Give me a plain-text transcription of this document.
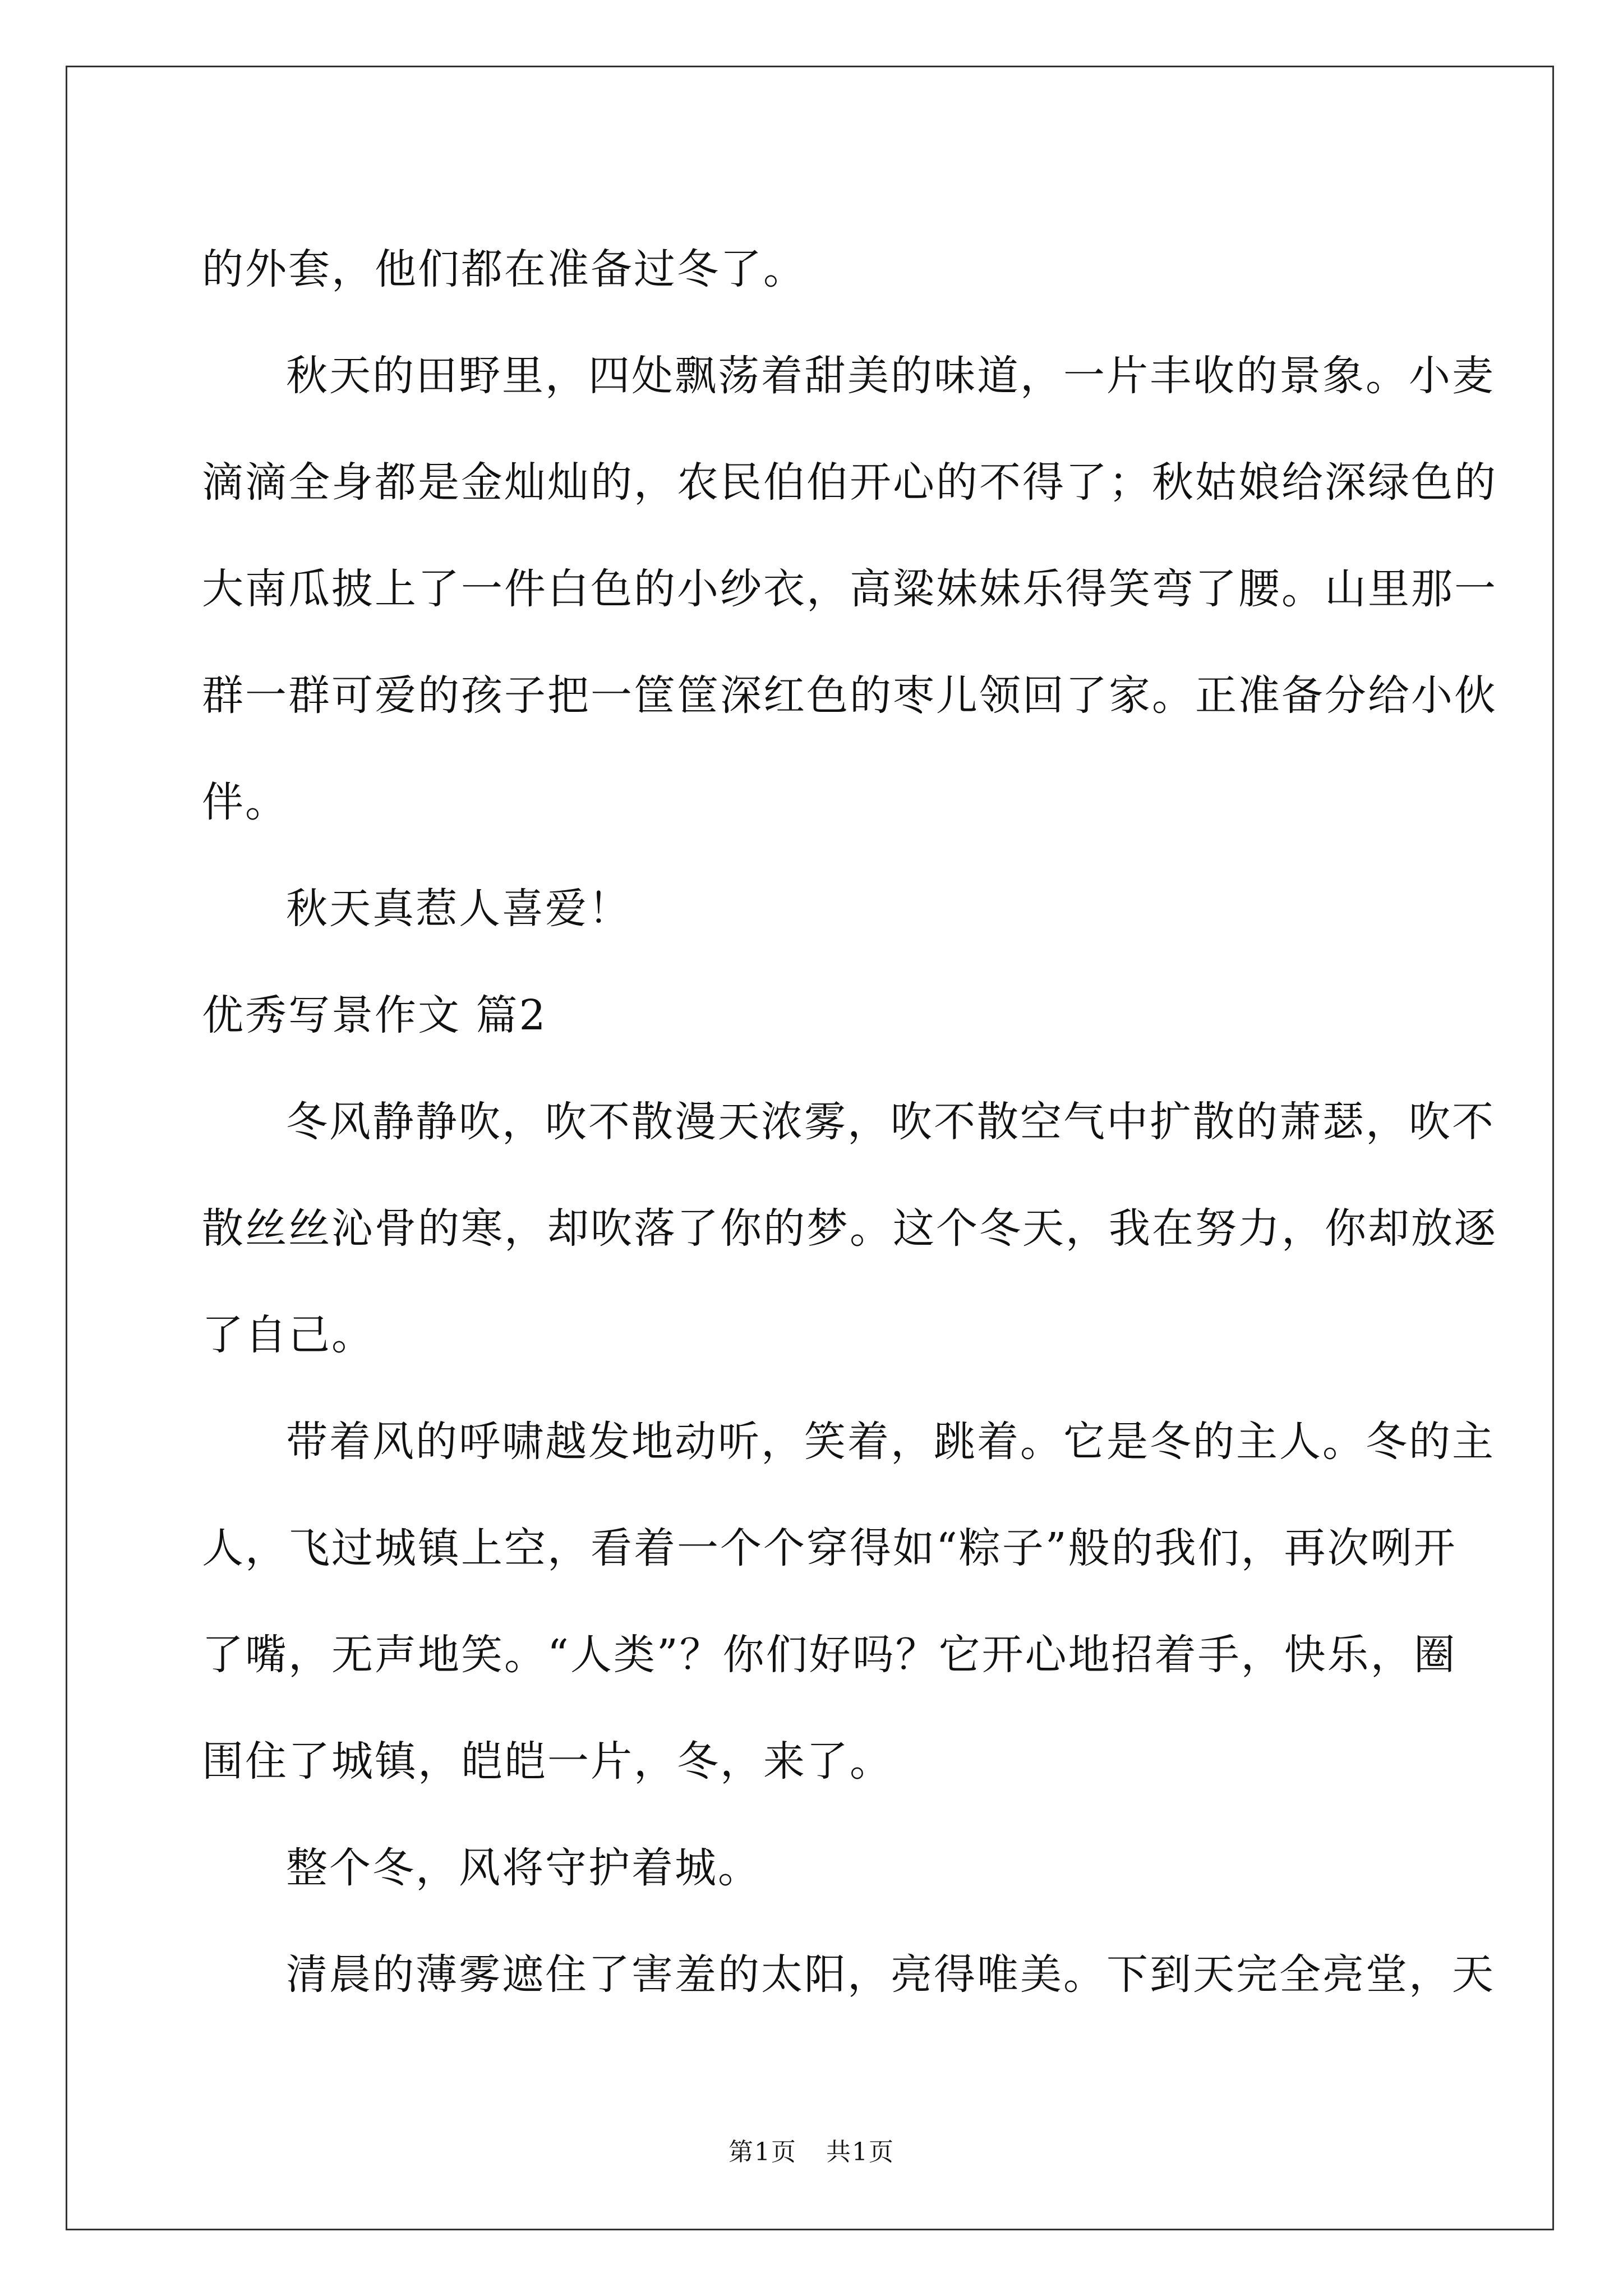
的外套，他们都在准备过冬了。
秋天的田野里，四处飘荡着甜美的味道，一片丰收的景象。小麦
滴滴全身都是金灿灿的，农民伯伯开心的不得了；秋姑娘给深绿色的
大南瓜披上了一件白色的小纱衣，高粱妹妹乐得笑弯了腰。山里那一
群一群可爱的孩子把一筐筐深红色的枣儿领回了家。正准备分给小伙
伴。
秋天真惹人喜爱！
优秀写景作文 篇2
冬风静静吹，吹不散漫天浓雾，吹不散空气中扩散的萧瑟，吹不
散丝丝沁骨的寒，却吹落了你的梦。这个冬天，我在努力，你却放逐
了自己。
带着风的呼啸越发地动听，笑着，跳着。它是冬的主人。冬的主
人，飞过城镇上空，看着一个个穿得如“粽子”般的我们，再次咧开
了嘴，无声地笑。“人类”？你们好吗？它开心地招着手，快乐，圈
围住了城镇，皑皑一片，冬，来了。
整个冬，风将守护着城。
清晨的薄雾遮住了害羞的太阳，亮得唯美。下到天完全亮堂，天
第1页 共1页
